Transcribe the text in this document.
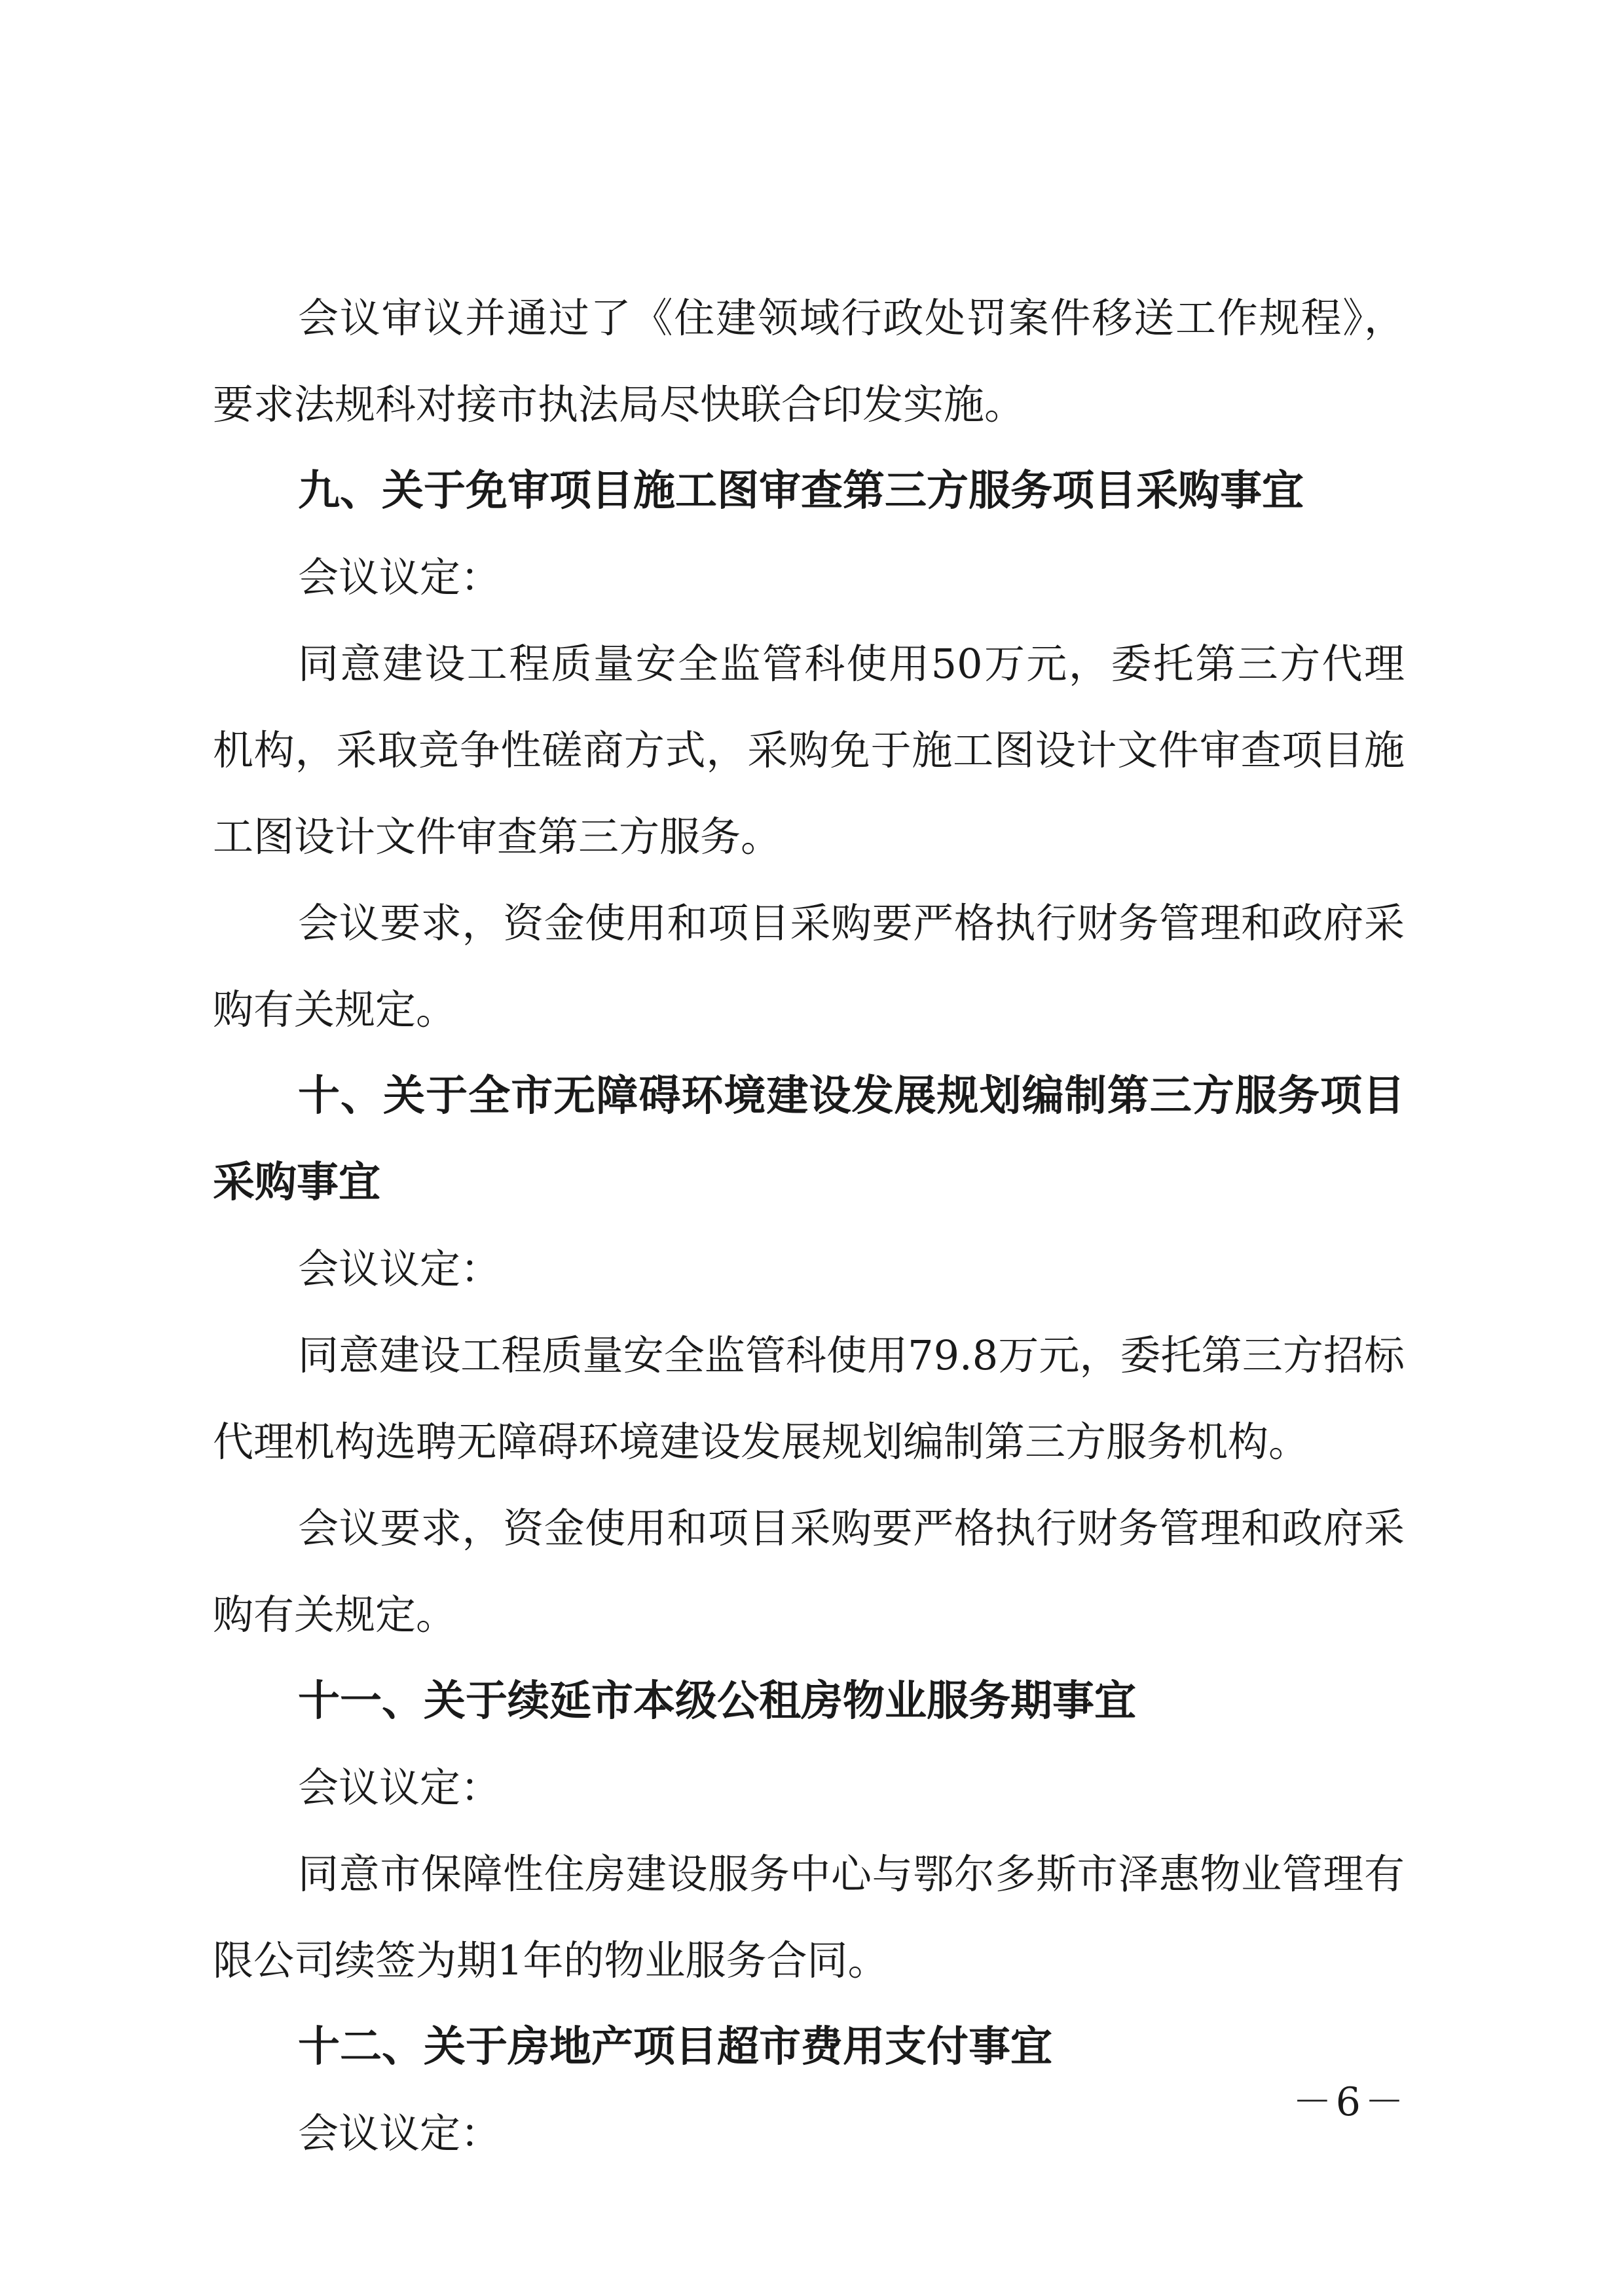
会议审议并通过了《住建领域行政处罚案件移送工作规程》，要求法规科对接市执法局尽快联合印发实施。

九、关于免审项目施工图审查第三方服务项目采购事宜

会议议定：

同意建设工程质量安全监管科使用50万元，委托第三方代理机构，采取竞争性磋商方式，采购免于施工图设计文件审查项目施工图设计文件审查第三方服务。

会议要求，资金使用和项目采购要严格执行财务管理和政府采购有关规定。

十、关于全市无障碍环境建设发展规划编制第三方服务项目采购事宜

会议议定：

同意建设工程质量安全监管科使用79.8万元，委托第三方招标代理机构选聘无障碍环境建设发展规划编制第三方服务机构。

会议要求，资金使用和项目采购要严格执行财务管理和政府采购有关规定。

十一、关于续延市本级公租房物业服务期事宜

会议议定：

同意市保障性住房建设服务中心与鄂尔多斯市泽惠物业管理有限公司续签为期1年的物业服务合同。

十二、关于房地产项目超市费用支付事宜

会议议定：

－6－
